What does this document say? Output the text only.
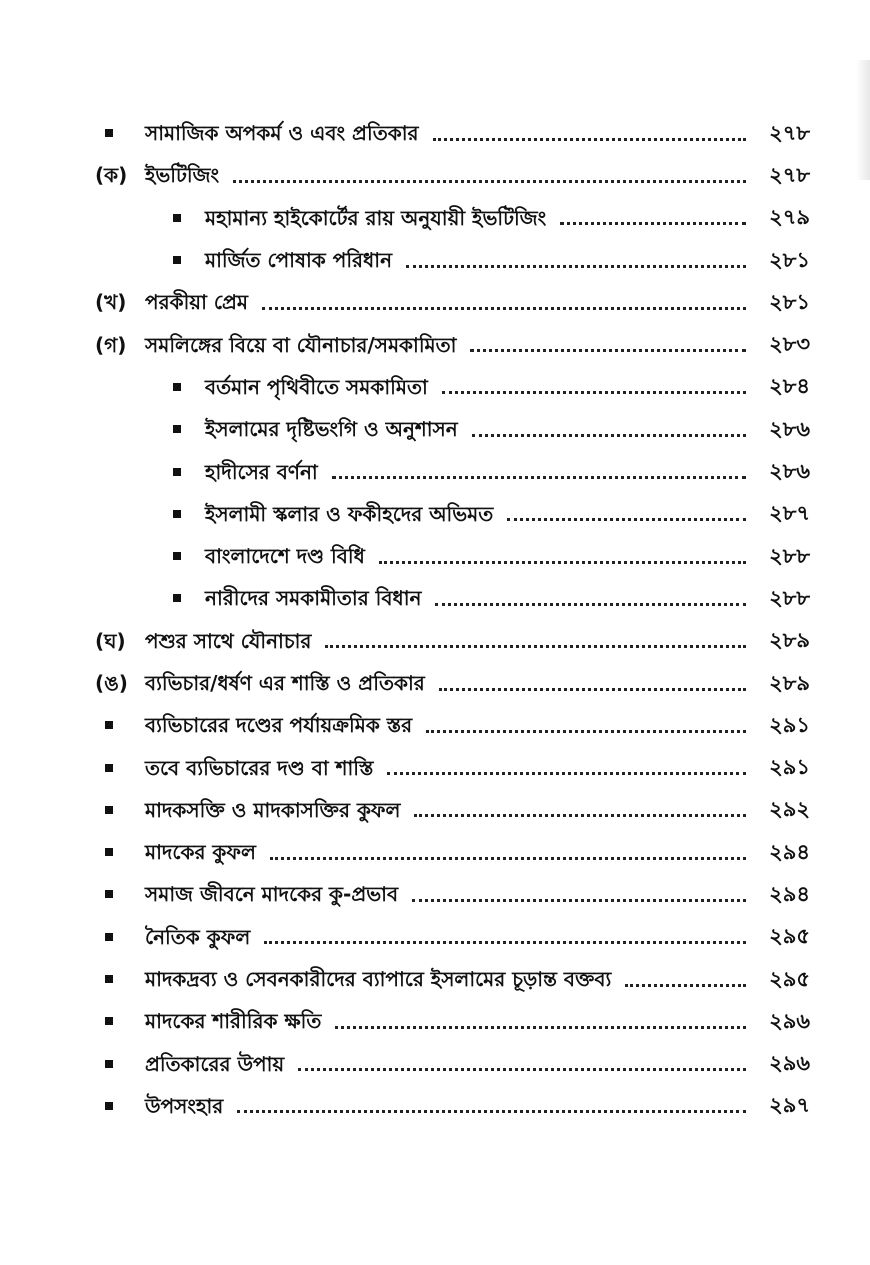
সামাজিক অপকর্ম ও এবং প্রতিকার	২৭৮
(ক) ইভটিজিং	২৭৮
মহামান্য হাইকোর্টের রায় অনুযায়ী ইভটিজিং	২৭৯
মার্জিত পোষাক পরিধান	২৮১
(খ) পরকীয়া প্রেম	২৮১
(গ) সমলিঙ্গের বিয়ে বা যৌনাচার/সমকামিতা	২৮৩
বর্তমান পৃথিবীতে সমকামিতা	২৮৪
ইসলামের দৃষ্টিভংগি ও অনুশাসন	২৮৬
হাদীসের বর্ণনা	২৮৬
ইসলামী স্কলার ও ফকীহদের অভিমত	২৮৭
বাংলাদেশে দণ্ড বিধি	২৮৮
নারীদের সমকামীতার বিধান	২৮৮
(ঘ) পশুর সাথে যৌনাচার	২৮৯
(ঙ) ব্যভিচার/ধর্ষণ এর শাস্তি ও প্রতিকার	২৮৯
ব্যভিচারের দণ্ডের পর্যায়ক্রমিক স্তর	২৯১
তবে ব্যভিচারের দণ্ড বা শাস্তি	২৯১
মাদকসক্তি ও মাদকাসক্তির কুফল	২৯২
মাদকের কুফল	২৯৪
সমাজ জীবনে মাদকের কু-প্রভাব	২৯৪
নৈতিক কুফল	২৯৫
মাদকদ্রব্য ও সেবনকারীদের ব্যাপারে ইসলামের চূড়ান্ত বক্তব্য	২৯৫
মাদকের শারীরিক ক্ষতি	২৯৬
প্রতিকারের উপায়	২৯৬
উপসংহার	২৯৭
